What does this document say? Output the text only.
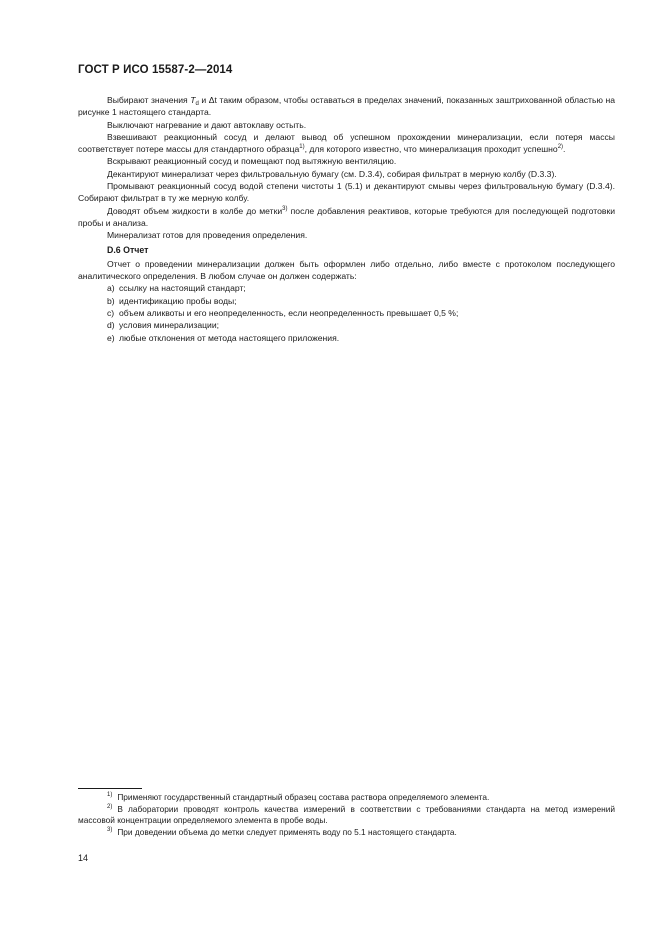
ГОСТ Р ИСО 15587-2—2014

Выбирают значения $T_d$ и Δt таким образом, чтобы оставаться в пределах значений, показанных заштрихованной областью на рисунке 1 настоящего стандарта.

Выключают нагревание и дают автоклаву остыть.

Взвешивают реакционный сосуд и делают вывод об успешном прохождении минерализации, если потеря массы соответствует потере массы для стандартного образца$^{1)}$, для которого известно, что минерализация проходит успешно$^{2)}$.

Вскрывают реакционный сосуд и помещают под вытяжную вентиляцию.

Декантируют минерализат через фильтровальную бумагу (см. D.3.4), собирая фильтрат в мерную колбу (D.3.3).

Промывают реакционный сосуд водой степени чистоты 1 (5.1) и декантируют смывы через фильтровальную бумагу (D.3.4). Собирают фильтрат в ту же мерную колбу.

Доводят объем жидкости в колбе до метки$^{3)}$ после добавления реактивов, которые требуются для последующей подготовки пробы и анализа.

Минерализат готов для проведения определения.

D.6 Отчет

Отчет о проведении минерализации должен быть оформлен либо отдельно, либо вместе с протоколом последующего аналитического определения. В любом случае он должен содержать:

a) ссылку на настоящий стандарт;

b) идентификацию пробы воды;

c) объем аликвоты и его неопределенность, если неопределенность превышает 0,5 %;

d) условия минерализации;

e) любые отклонения от метода настоящего приложения.

$^{1)}$ Применяют государственный стандартный образец состава раствора определяемого элемента.

$^{2)}$ В лаборатории проводят контроль качества измерений в соответствии с требованиями стандарта на метод измерений массовой концентрации определяемого элемента в пробе воды.

$^{3)}$ При доведении объема до метки следует применять воду по 5.1 настоящего стандарта.

14
